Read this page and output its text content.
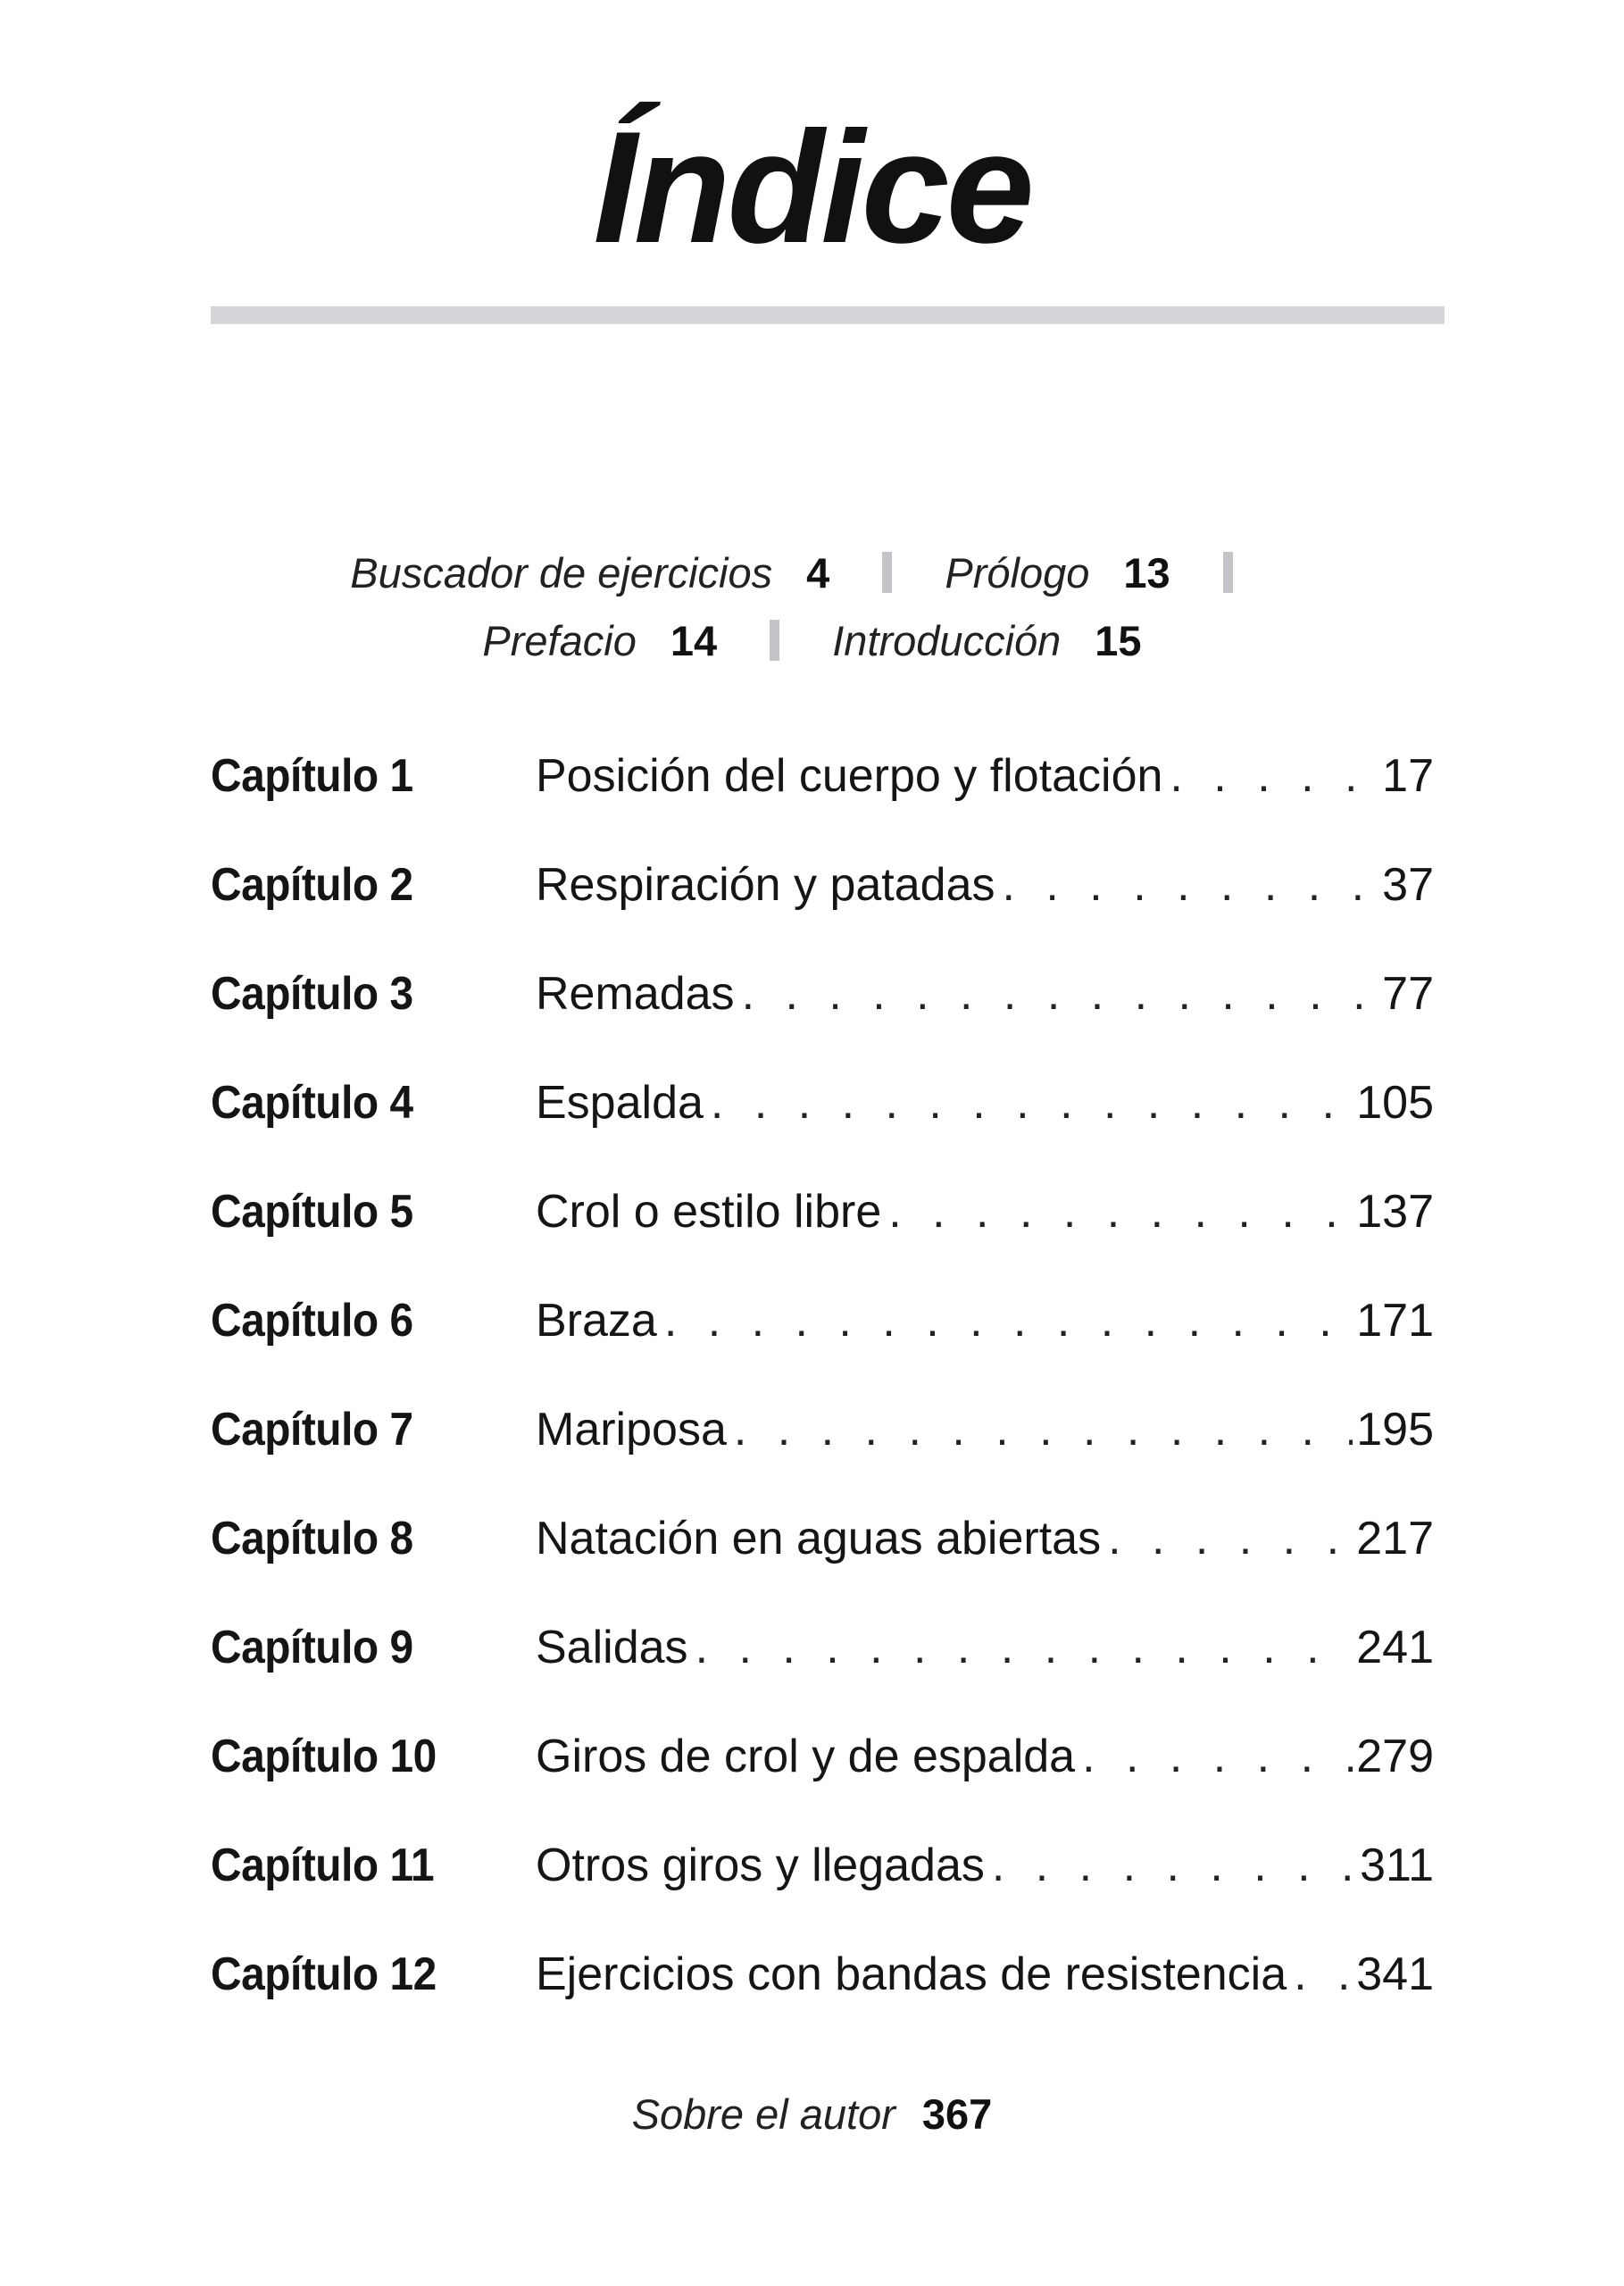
Índice
Buscador de ejercicios 4	Prólogo 13
Prefacio 14	Introducción 15
Capítulo 1	Posición del cuerpo y flotación . . .	17
Capítulo 2	Respiración y patadas . . .	37
Capítulo 3	Remadas . . .	77
Capítulo 4	Espalda . . .	105
Capítulo 5	Crol o estilo libre . . .	137
Capítulo 6	Braza . . .	171
Capítulo 7	Mariposa . . .	195
Capítulo 8	Natación en aguas abiertas . . .	217
Capítulo 9	Salidas . . .	241
Capítulo 10	Giros de crol y de espalda . . .	279
Capítulo 11	Otros giros y llegadas . . .	311
Capítulo 12	Ejercicios con bandas de resistencia . . . 341
Sobre el autor 367
